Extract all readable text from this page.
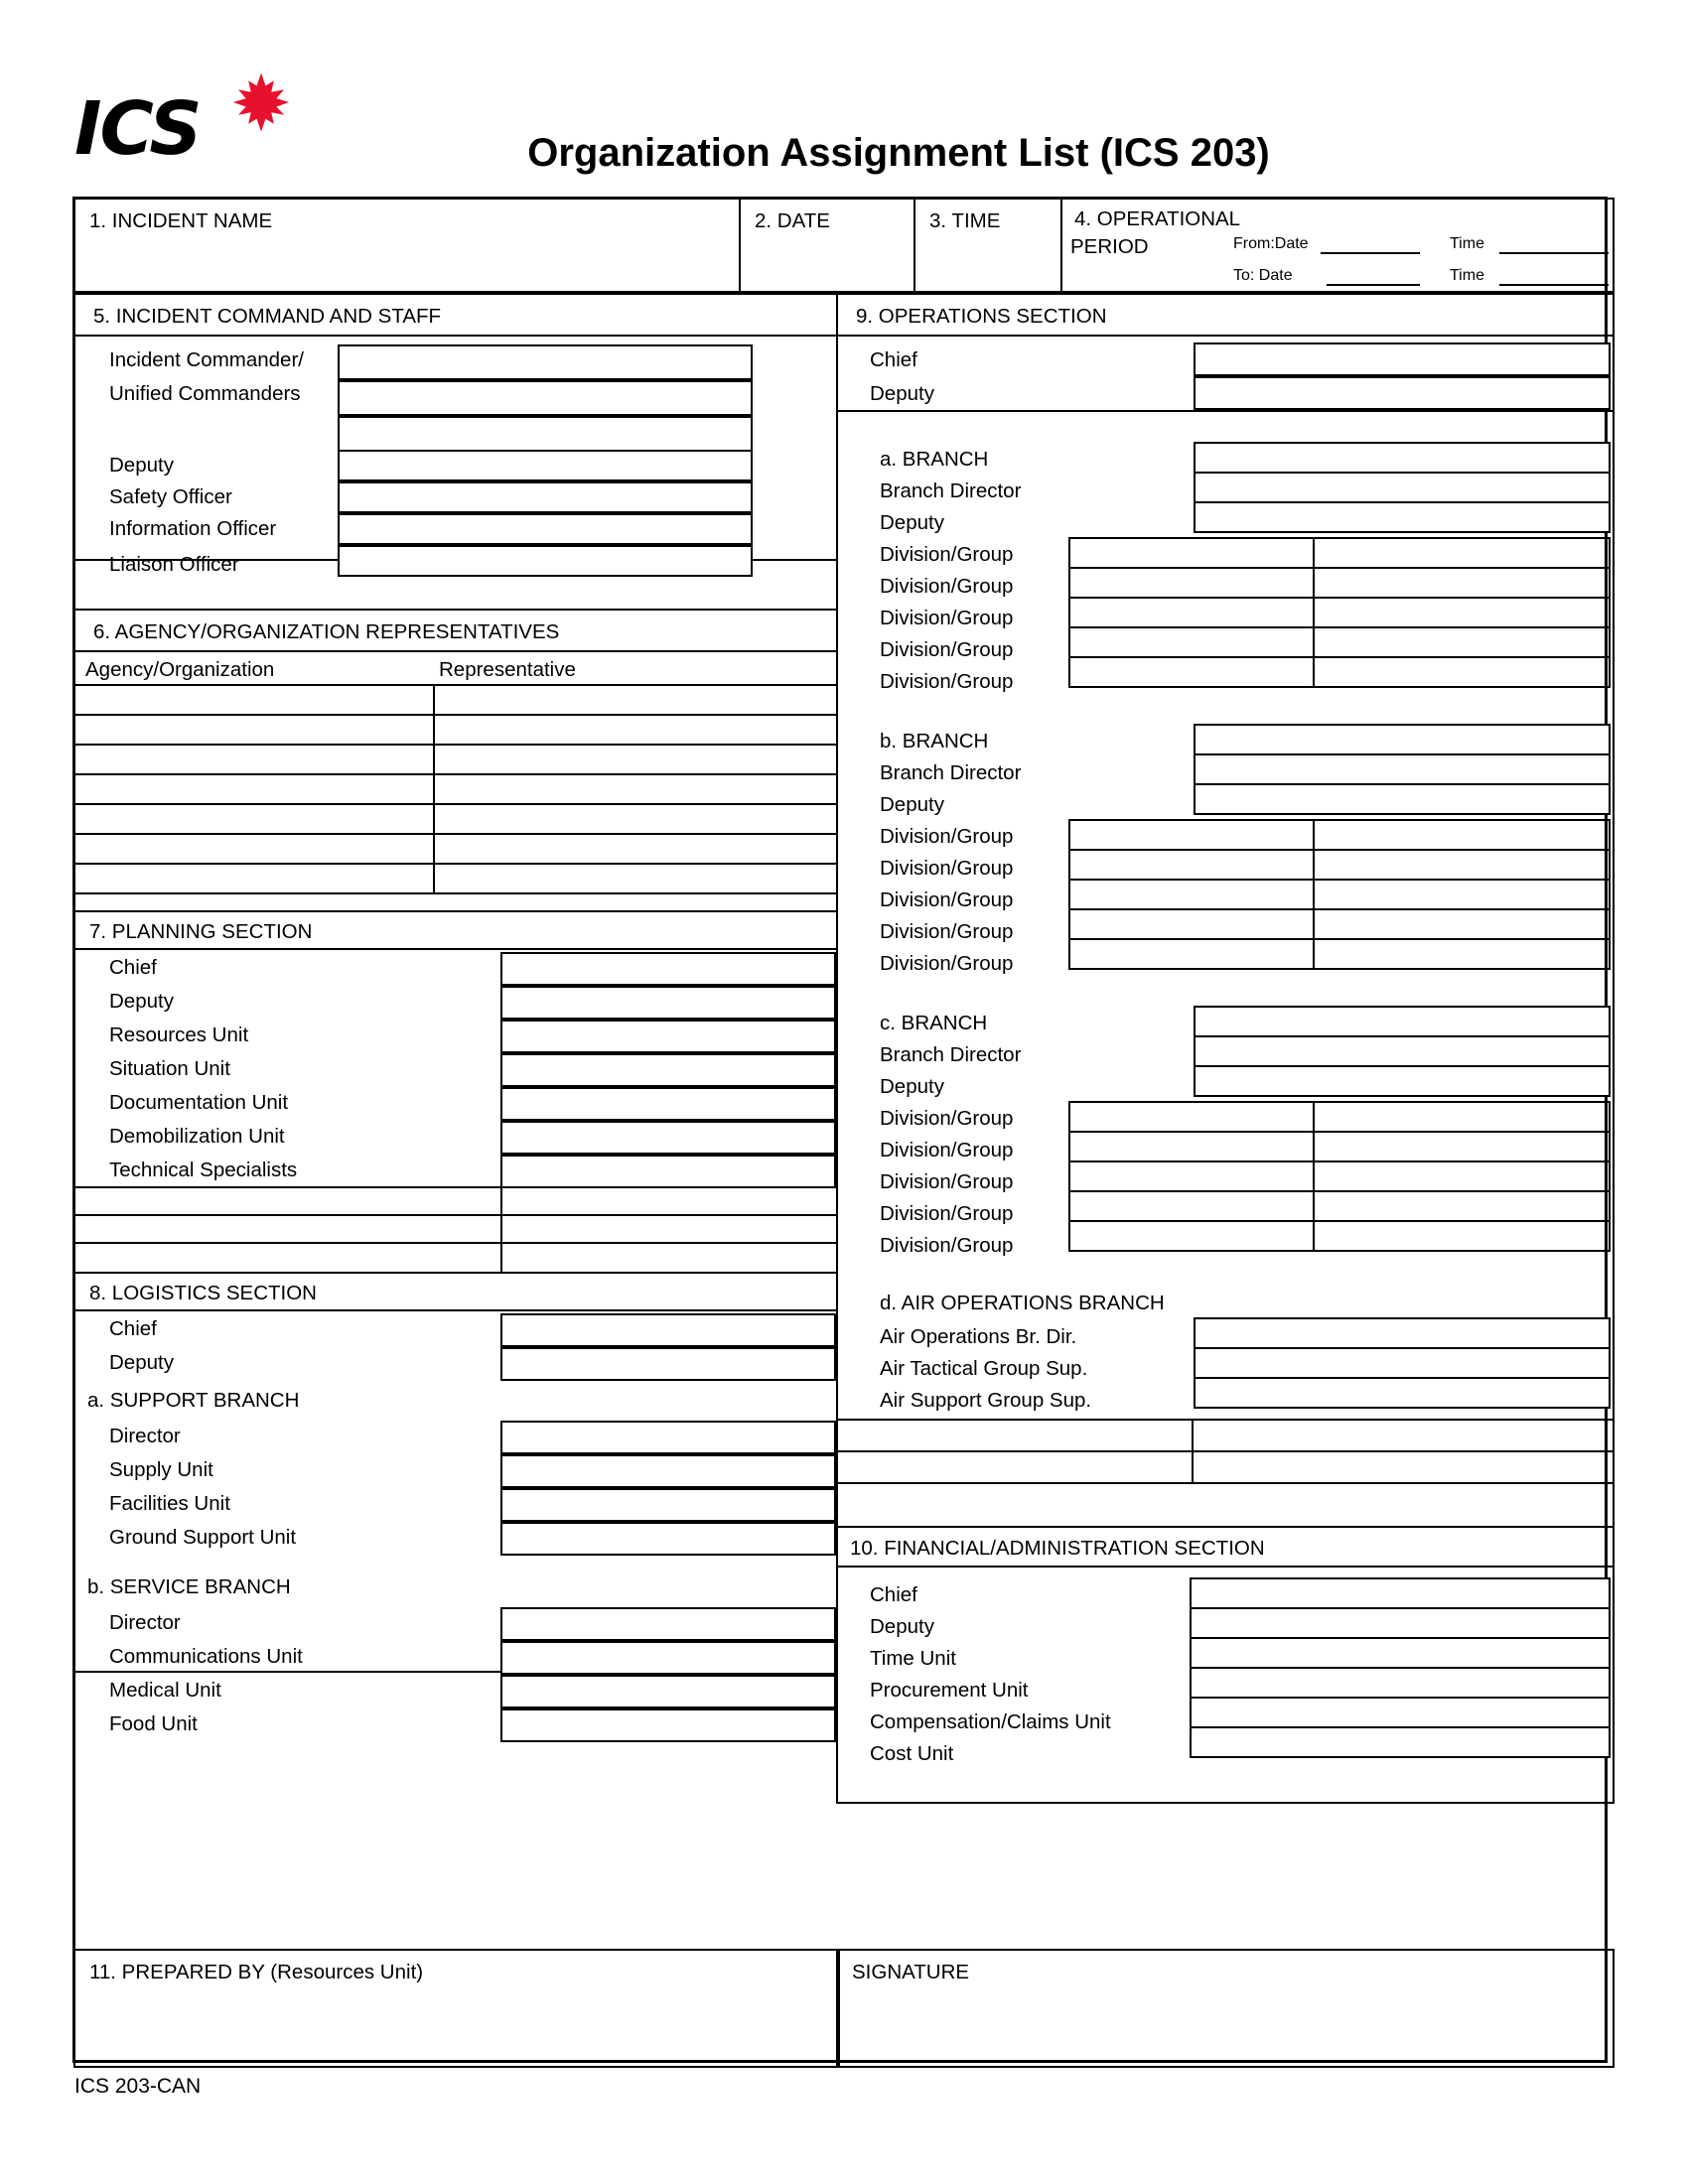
ICS	Organization Assignment List (ICS 203)
1. INCIDENT NAME	2. DATE	3. TIME	4. OPERATIONAL
PERIOD	From:Date	Time
To: Date	Time
5. INCIDENT COMMAND AND STAFF
Incident Commander/
Unified Commanders
Deputy
Safety Officer
Information Officer
Liaison Officer
6. AGENCY/ORGANIZATION REPRESENTATIVES
Agency/Organization	Representative
7. PLANNING SECTION
Chief
Deputy
Resources Unit
Situation Unit
Documentation Unit
Demobilization Unit
Technical Specialists
8. LOGISTICS SECTION
Chief
Deputy
a. SUPPORT BRANCH
Director
Supply Unit
Facilities Unit
Ground Support Unit
b. SERVICE BRANCH
Director
Communications Unit
Medical Unit
Food Unit
9. OPERATIONS SECTION
Chief
Deputy
a. BRANCH
Branch Director
Deputy
Division/Group
Division/Group
Division/Group
Division/Group
Division/Group
b. BRANCH
Branch Director
Deputy
Division/Group
Division/Group
Division/Group
Division/Group
Division/Group
c. BRANCH
Branch Director
Deputy
Division/Group
Division/Group
Division/Group
Division/Group
Division/Group
d. AIR OPERATIONS BRANCH
Air Operations Br. Dir.
Air Tactical Group Sup.
Air Support Group Sup.
10. FINANCIAL/ADMINISTRATION SECTION
Chief
Deputy
Time Unit
Procurement Unit
Compensation/Claims Unit
Cost Unit
11. PREPARED BY (Resources Unit)	SIGNATURE
ICS 203-CAN
